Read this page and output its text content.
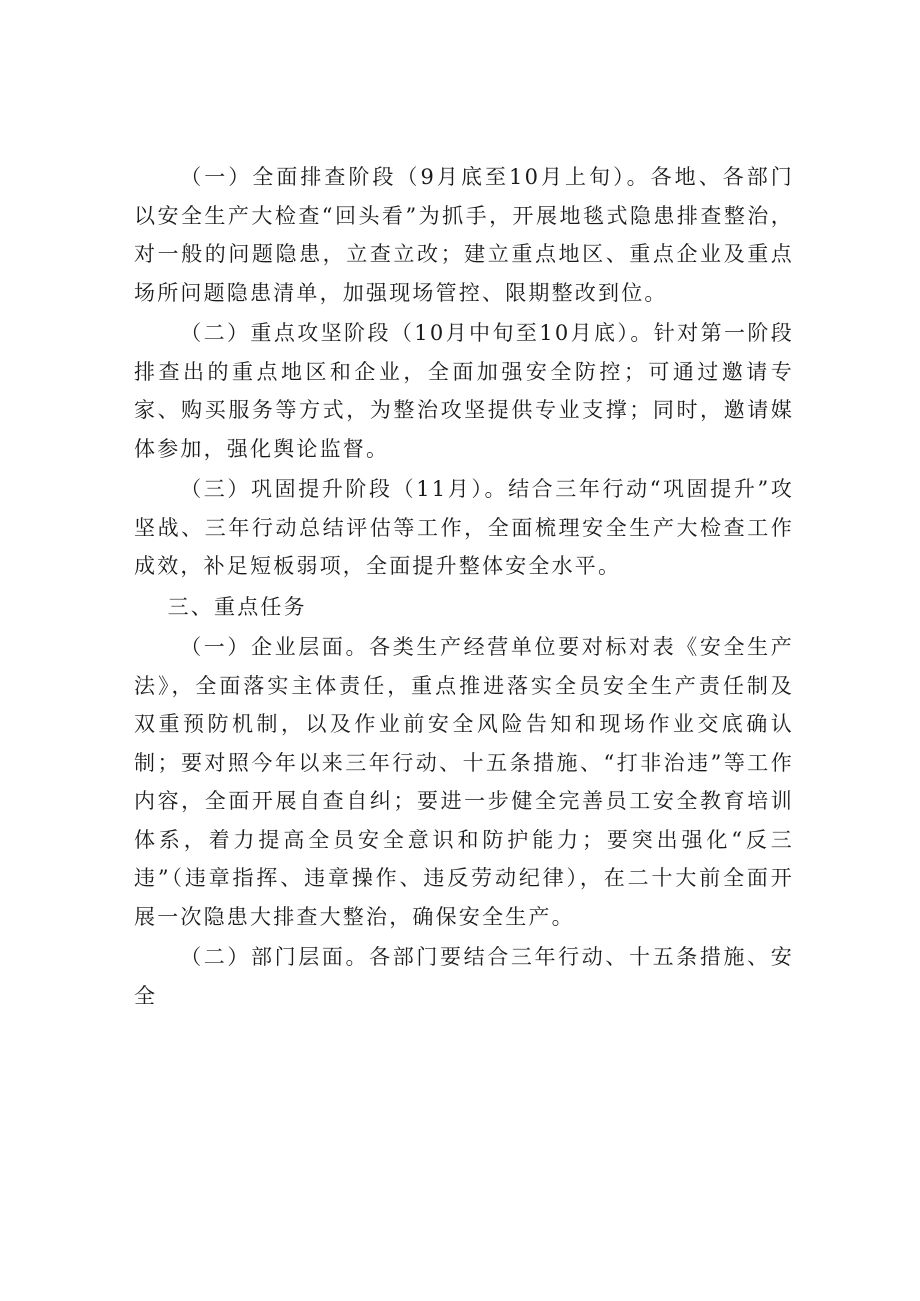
（一）全面排查阶段（9月底至10月上旬）。各地、各部门以安全生产大检查“回头看”为抓手，开展地毯式隐患排查整治，对一般的问题隐患，立查立改；建立重点地区、重点企业及重点场所问题隐患清单，加强现场管控、限期整改到位。

（二）重点攻坚阶段（10月中旬至10月底）。针对第一阶段排查出的重点地区和企业，全面加强安全防控；可通过邀请专家、购买服务等方式，为整治攻坚提供专业支撑；同时，邀请媒体参加，强化舆论监督。

（三）巩固提升阶段（11月）。结合三年行动“巩固提升”攻坚战、三年行动总结评估等工作，全面梳理安全生产大检查工作成效，补足短板弱项，全面提升整体安全水平。

三、重点任务

（一）企业层面。各类生产经营单位要对标对表《安全生产法》，全面落实主体责任，重点推进落实全员安全生产责任制及双重预防机制，以及作业前安全风险告知和现场作业交底确认制；要对照今年以来三年行动、十五条措施、“打非治违”等工作内容，全面开展自查自纠；要进一步健全完善员工安全教育培训体系，着力提高全员安全意识和防护能力；要突出强化“反三违”（违章指挥、违章操作、违反劳动纪律），在二十大前全面开展一次隐患大排查大整治，确保安全生产。

（二）部门层面。各部门要结合三年行动、十五条措施、安全
